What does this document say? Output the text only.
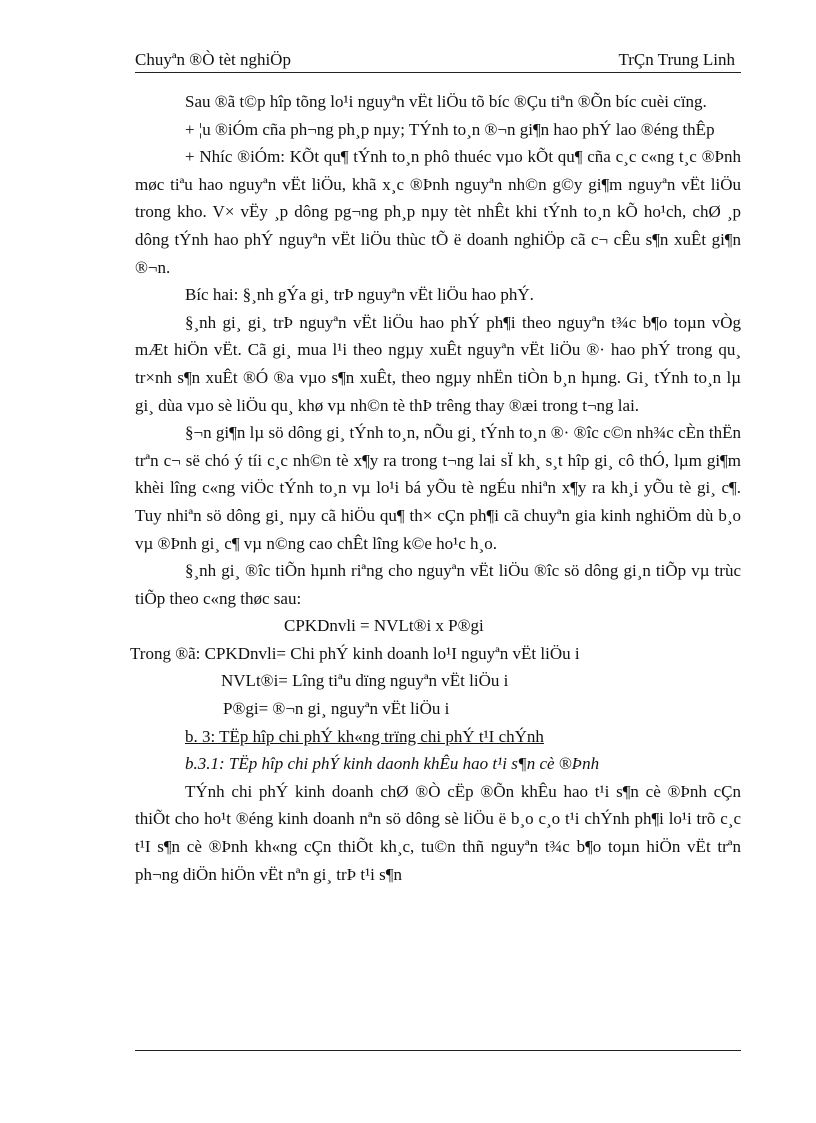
Chuyªn ®Ò tèt nghiÖp	TrÇn Trung Linh

Sau ®ã t©p hîp tõng lo¹i nguyªn vËt liÖu tõ bíc ®Çu tiªn ®Õn bíc cuèi cïng.

+ ¦u ®iÓm cña ph¬ng ph¸p nµy; TÝnh to¸n ®¬n gi¶n hao phÝ lao ®éng thÊp

+ Nhíc ®iÓm: KÕt qu¶ tÝnh to¸n phô thuéc vµo kÕt qu¶ cña c¸c c«ng t¸c ®Þnh møc tiªu hao nguyªn vËt liÖu, khã x¸c ®Þnh nguyªn nh©n g©y gi¶m nguyªn vËt liÖu trong kho. V× vËy ¸p dông pg¬ng ph¸p nµy tèt nhÊt khi tÝnh to¸n kÕ ho¹ch, chØ ¸p dông tÝnh hao phÝ nguyªn vËt liÖu thùc tÕ ë doanh nghiÖp cã c¬ cÊu s¶n xuÊt gi¶n ®¬n.

Bíc hai: §¸nh gÝa gi¸ trÞ nguyªn vËt liÖu hao phÝ.

§¸nh gi¸ gi¸ trÞ nguyªn vËt liÖu hao phÝ ph¶i theo nguyªn t¾c b¶o toµn vÒg mÆt hiÖn vËt. Cã gi¸ mua l¹i theo ngµy xuÊt nguyªn vËt liÖu ®· hao phÝ trong qu¸ tr×nh s¶n xuÊt ®Ó ®a vµo s¶n xuÊt, theo ngµy nhËn tiÒn b¸n hµng. Gi¸ tÝnh to¸n lµ gi¸ dùa vµo sè liÖu qu¸ khø vµ nh©n tè thÞ trêng thay ®æi trong t¬ng lai.

§¬n gi¶n lµ sö dông gi¸ tÝnh to¸n, nÕu gi¸ tÝnh to¸n ®· ®îc c©n nh¾c cÈn thËn trªn c¬ së chó ý tíi c¸c nh©n tè x¶y ra trong t¬ng lai sÏ kh¸ s¸t hîp gi¸ cô thÓ, lµm gi¶m khèi lîng c«ng viÖc tÝnh to¸n vµ lo¹i bá yÕu tè ngÉu nhiªn x¶y ra kh¸i yÕu tè gi¸ c¶. Tuy nhiªn sö dông gi¸ nµy cã hiÖu qu¶ th× cÇn ph¶i cã chuyªn gia kinh nghiÖm dù b¸o vµ ®Þnh gi¸ c¶ vµ n©ng cao chÊt lîng k©e ho¹c h¸o.

§¸nh gi¸ ®îc tiÕn hµnh riªng cho nguyªn vËt liÖu ®îc sö dông gi¸n tiÕp vµ trùc tiÕp theo c«ng thøc sau:

CPKDnvli = NVLt®i x P®gi

Trong ®ã: CPKDnvli= Chi phÝ kinh doanh lo¹I nguyªn vËt liÖu i

NVLt®i= Lîng tiªu dïng nguyªn vËt liÖu i

P®gi= ®¬n gi¸ nguyªn vËt liÖu i

b. 3: TËp hîp chi phÝ kh«ng trïng chi phÝ t¹I chÝnh

b.3.1: TËp hîp chi phÝ kinh daonh khÊu hao t¹i s¶n cè ®Þnh

TÝnh chi phÝ kinh doanh chØ ®Ò cËp ®Õn khÊu hao t¹i s¶n cè ®Þnh cÇn thiÕt cho ho¹t ®éng kinh doanh nªn sö dông sè liÖu ë b¸o c¸o t¹i chÝnh ph¶i lo¹i trõ c¸c t¹I s¶n cè ®Þnh kh«ng cÇn thiÕt kh¸c, tu©n thñ nguyªn t¾c b¶o toµn hiÖn vËt trªn ph¬ng diÖn hiÖn vËt nªn gi¸ trÞ t¹i s¶n
